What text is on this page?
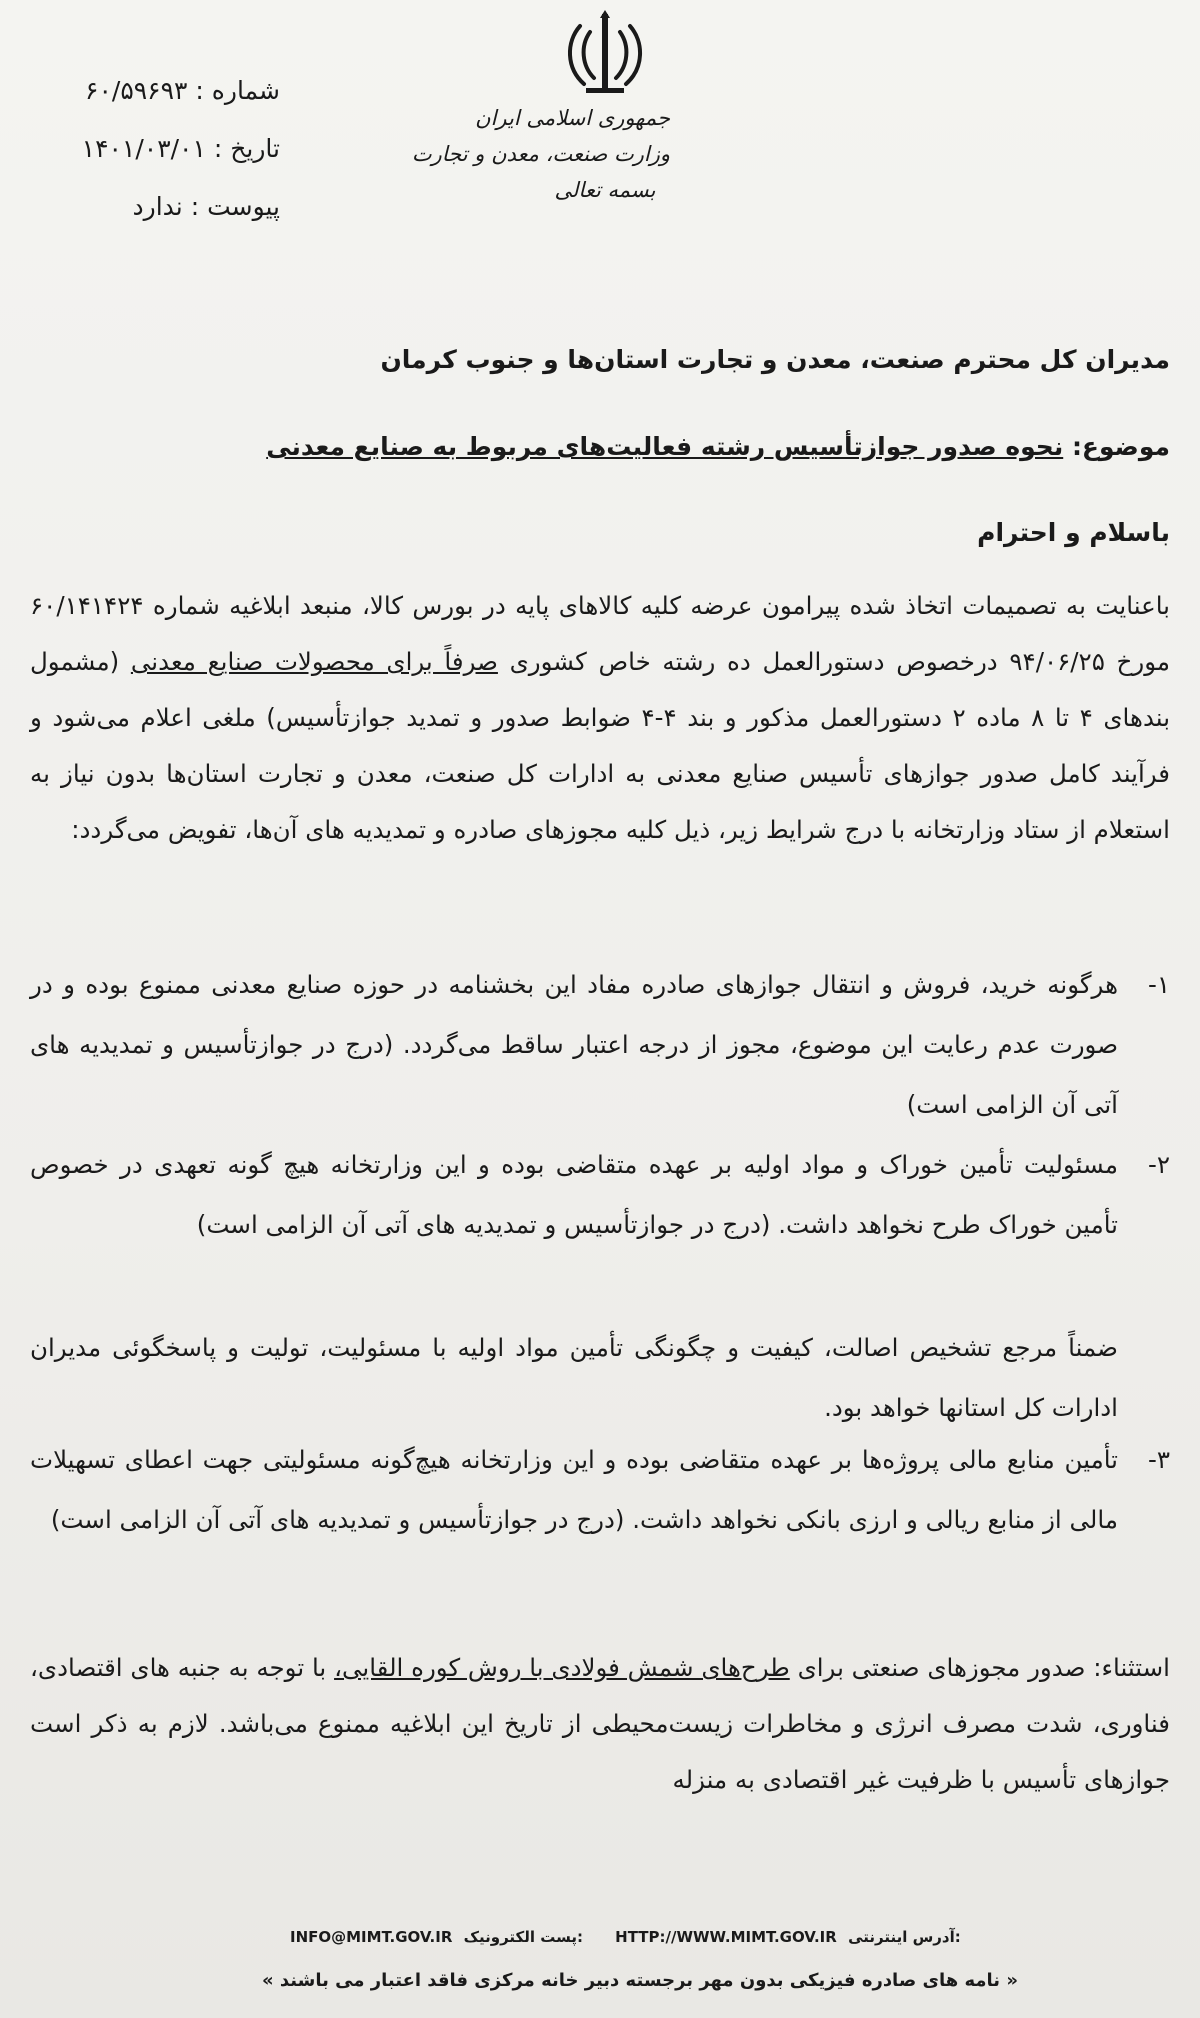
شماره : ۶۰/۵۹۶۹۳
تاریخ : ۱۴۰۱/۰۳/۰۱
پیوست : ندارد
جمهوری اسلامی ایران
وزارت صنعت، معدن و تجارت
بسمه تعالی
مدیران کل محترم صنعت، معدن و تجارت استان‌ها و جنوب کرمان
موضوع: نحوه صدور جوازتأسیس رشته فعالیت‌های مربوط به صنایع معدنی
باسلام و احترام
باعنایت به تصمیمات اتخاذ شده پیرامون عرضه کلیه کالاهای پایه در بورس کالا، منبعد ابلاغیه شماره ۶۰/۱۴۱۴۲۴ مورخ ۹۴/۰۶/۲۵ درخصوص دستورالعمل ده رشته خاص کشوری صرفاً برای محصولات صنایع معدنی (مشمول بندهای ۴ تا ۸ ماده ۲ دستورالعمل مذکور و بند ۴-۴ ضوابط صدور و تمدید جوازتأسیس) ملغی اعلام می‌شود و فرآیند کامل صدور جوازهای تأسیس صنایع معدنی به ادارات کل صنعت، معدن و تجارت استان‌ها بدون نیاز به استعلام از ستاد وزارتخانه با درج شرایط زیر، ذیل کلیه مجوزهای صادره و تمدیدیه های آن‌ها، تفویض می‌گردد:
۱-
هرگونه خرید، فروش و انتقال جوازهای صادره مفاد این بخشنامه در حوزه صنایع معدنی ممنوع بوده و در صورت عدم رعایت این موضوع، مجوز از درجه اعتبار ساقط می‌گردد. (درج در جوازتأسیس و تمدیدیه های آتی آن الزامی است)
۲-
مسئولیت تأمین خوراک و مواد اولیه بر عهده متقاضی بوده و این وزارتخانه هیچ گونه تعهدی در خصوص تأمین خوراک طرح نخواهد داشت. (درج در جوازتأسیس و تمدیدیه های آتی آن الزامی است)
ضمناً مرجع تشخیص اصالت، کیفیت و چگونگی تأمین مواد اولیه با مسئولیت، تولیت و پاسخگوئی مدیران ادارات کل استانها خواهد بود.
۳-
تأمین منابع مالی پروژه‌ها بر عهده متقاضی بوده و این وزارتخانه هیچ‌گونه مسئولیتی جهت اعطای تسهیلات مالی از منابع ریالی و ارزی بانکی نخواهد داشت. (درج در جوازتأسیس و تمدیدیه های آتی آن الزامی است)
استثناء: صدور مجوزهای صنعتی برای طرح‌های شمش فولادی با روش کوره القایی، با توجه به جنبه های اقتصادی، فناوری، شدت مصرف انرژی و مخاطرات زیست‌محیطی از تاریخ این ابلاغیه ممنوع می‌باشد. لازم به ذکر است جوازهای تأسیس با ظرفیت غیر اقتصادی به منزله
INFO@MIMT.GOV.IR پست الکترونیک: HTTP://WWW.MIMT.GOV.IR آدرس اینترنتی:
« نامه های صادره فیزیکی بدون مهر برجسته دبیر خانه مرکزی فاقد اعتبار می باشند »
